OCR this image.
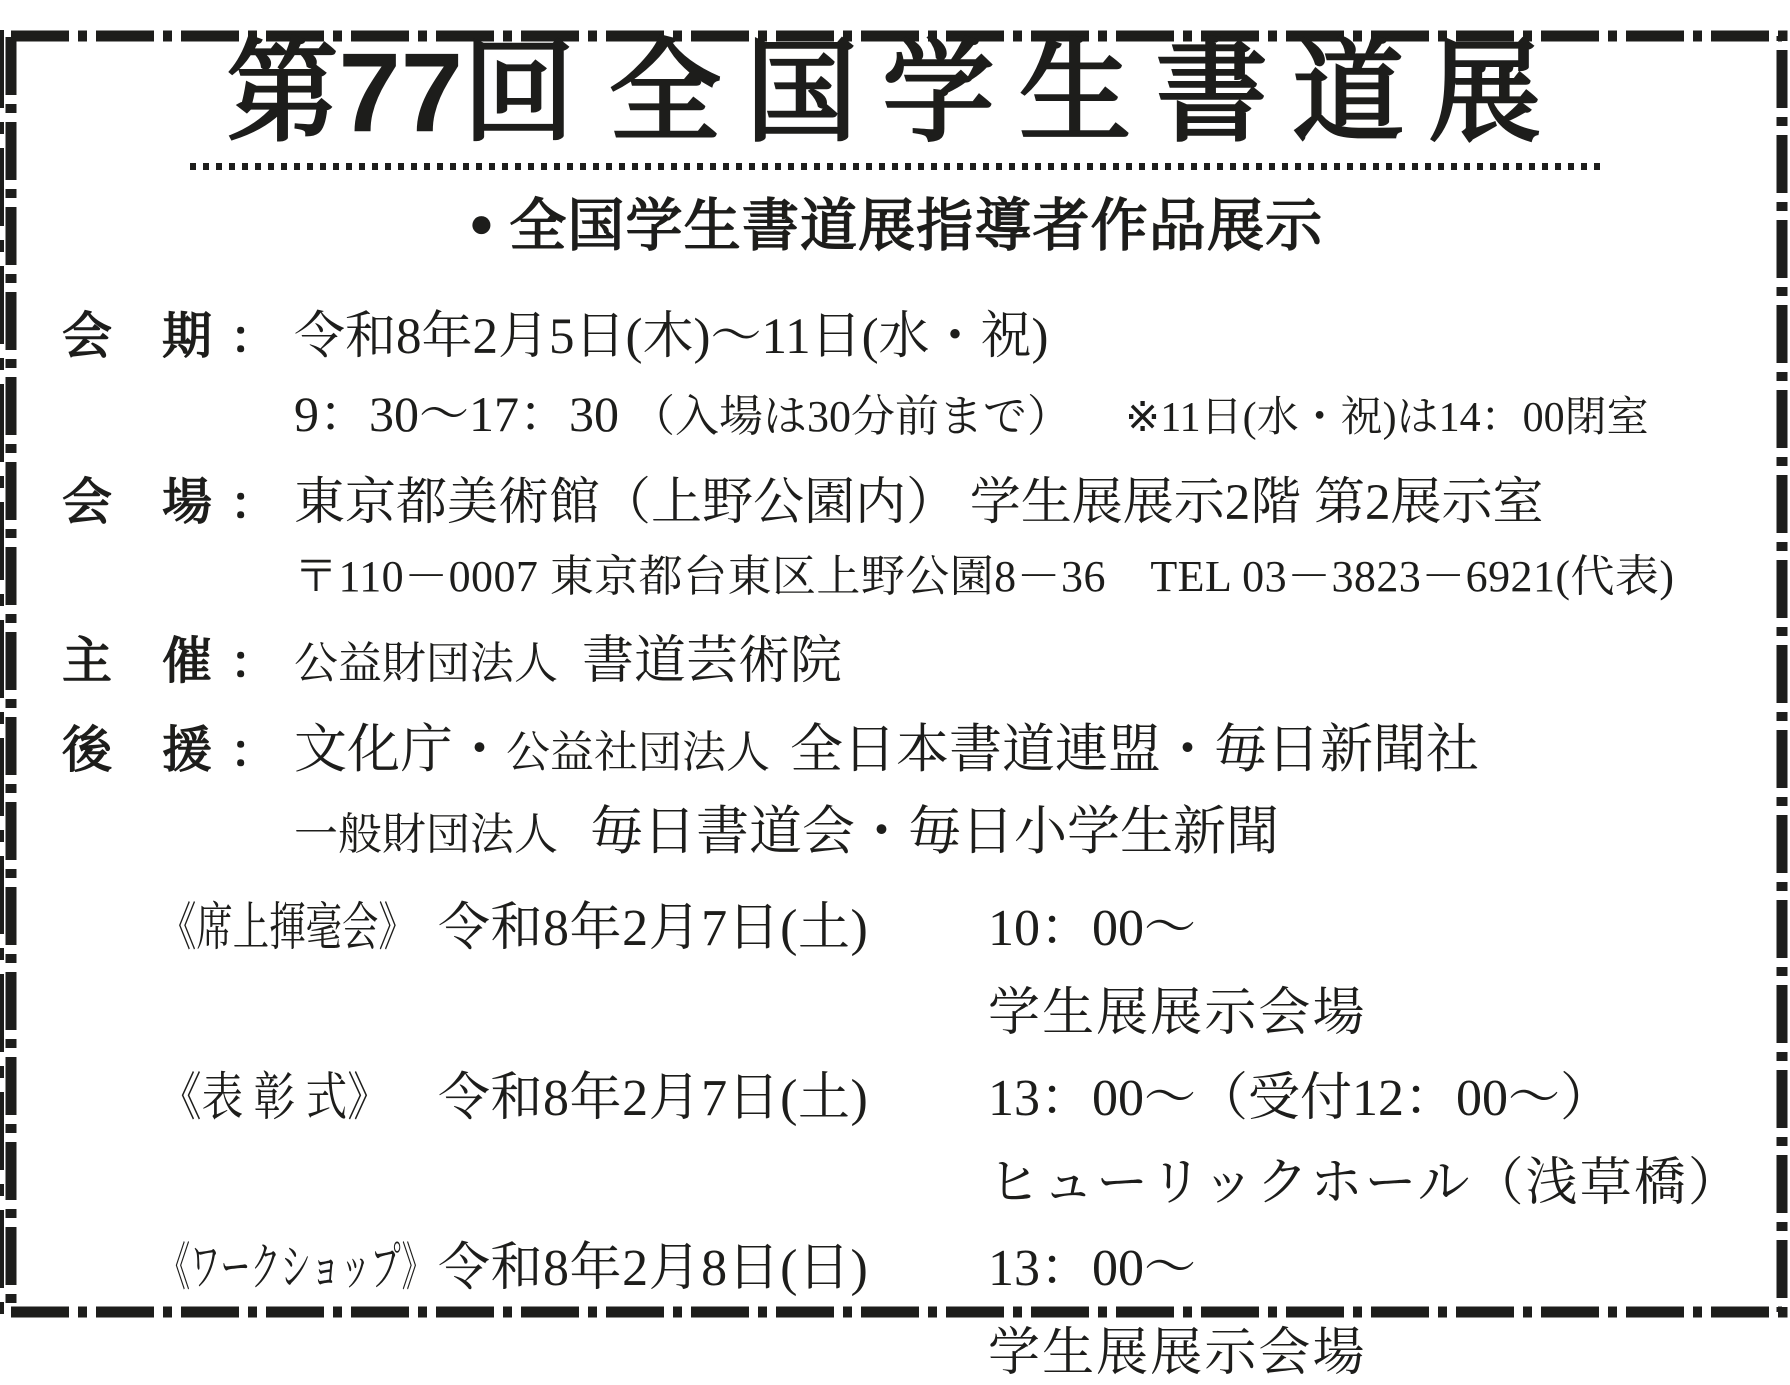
第77回 全国学生書道展
● 全国学生書道展指導者作品展示
会期 ： 令和8年2月5日(木)～11日(水・祝)
9：30～17：30 （入場は30分前まで） ※11日(水・祝)は14：00閉室
会場 ： 東京都美術館（上野公園内） 学生展展示2階 第2展示室
〒110－0007 東京都台東区上野公園8－36　TEL 03－3823－6921(代表)
主催 ： 公益財団法人 書道芸術院
後援 ： 文化庁・公益社団法人 全日本書道連盟・毎日新聞社
一般財団法人 毎日書道会・毎日小学生新聞
《席上揮毫会》 令和8年2月7日(土)	10：00～
学生展展示会場
《表 彰 式》 令和8年2月7日(土)	13：00～（受付12：00～）
ヒューリックホール（浅草橋）
《ワークショップ》 令和8年2月8日(日)	13：00～
学生展展示会場
